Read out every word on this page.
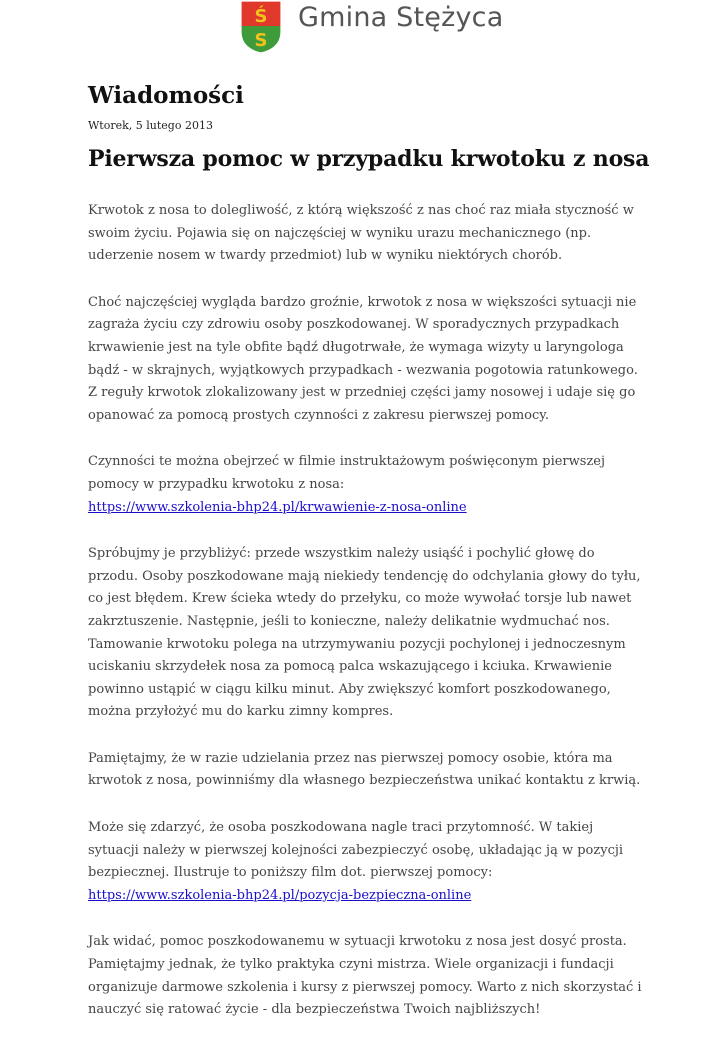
Ś
S
Gmina Stężyca
Wiadomości
Wtorek, 5 lutego 2013
Pierwsza pomoc w przypadku krwotoku z nosa

Krwotok z nosa to dolegliwość, z którą większość z nas choć raz miała styczność w swoim życiu. Pojawia się on najczęściej w wyniku urazu mechanicznego (np. uderzenie nosem w twardy przedmiot) lub w wyniku niektórych chorób.

Choć najczęściej wygląda bardzo groźnie, krwotok z nosa w większości sytuacji nie zagraża życiu czy zdrowiu osoby poszkodowanej. W sporadycznych przypadkach krwawienie jest na tyle obfite bądź długotrwałe, że wymaga wizyty u laryngologa bądź - w skrajnych, wyjątkowych przypadkach - wezwania pogotowia ratunkowego. Z reguły krwotok zlokalizowany jest w przedniej części jamy nosowej i udaje się go opanować za pomocą prostych czynności z zakresu pierwszej pomocy.

Czynności te można obejrzeć w filmie instruktażowym poświęconym pierwszej pomocy w przypadku krwotoku z nosa:
https://www.szkolenia-bhp24.pl/krwawienie-z-nosa-online

Spróbujmy je przybliżyć: przede wszystkim należy usiąść i pochylić głowę do przodu. Osoby poszkodowane mają niekiedy tendencję do odchylania głowy do tyłu, co jest błędem. Krew ścieka wtedy do przełyku, co może wywołać torsje lub nawet zakrztuszenie. Następnie, jeśli to konieczne, należy delikatnie wydmuchać nos. Tamowanie krwotoku polega na utrzymywaniu pozycji pochylonej i jednoczesnym uciskaniu skrzydełek nosa za pomocą palca wskazującego i kciuka. Krwawienie powinno ustąpić w ciągu kilku minut. Aby zwiększyć komfort poszkodowanego, można przyłożyć mu do karku zimny kompres.

Pamiętajmy, że w razie udzielania przez nas pierwszej pomocy osobie, która ma krwotok z nosa, powinniśmy dla własnego bezpieczeństwa unikać kontaktu z krwią.

Może się zdarzyć, że osoba poszkodowana nagle traci przytomność. W takiej sytuacji należy w pierwszej kolejności zabezpieczyć osobę, układając ją w pozycji bezpiecznej. Ilustruje to poniższy film dot. pierwszej pomocy:
https://www.szkolenia-bhp24.pl/pozycja-bezpieczna-online

Jak widać, pomoc poszkodowanemu w sytuacji krwotoku z nosa jest dosyć prosta. Pamiętajmy jednak, że tylko praktyka czyni mistrza. Wiele organizacji i fundacji organizuje darmowe szkolenia i kursy z pierwszej pomocy. Warto z nich skorzystać i nauczyć się ratować życie - dla bezpieczeństwa Twoich najbliższych!
